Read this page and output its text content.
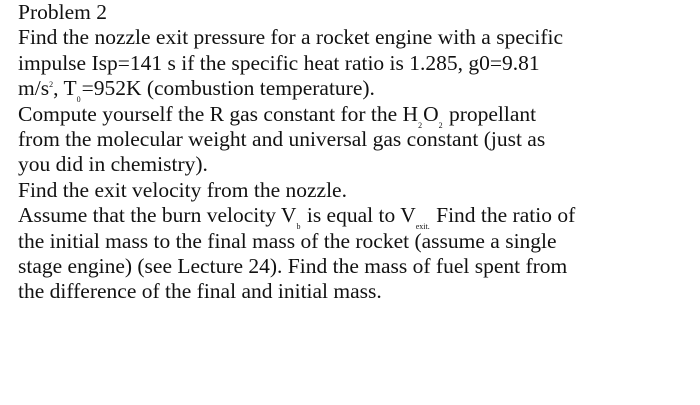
Problem 2
Find the nozzle exit pressure for a rocket engine with a specific
impulse Isp=141 s if the specific heat ratio is 1.285, g0=9.81
$m/s^2$, $T_0=952K$ (combustion temperature).
Compute yourself the R gas constant for the $H_2O_2$ propellant
from the molecular weight and universal gas constant (just as
you did in chemistry).
Find the exit velocity from the nozzle.
Assume that the burn velocity $V_b$ is equal to $V_{exit.}$ Find the ratio of
the initial mass to the final mass of the rocket (assume a single
stage engine) (see Lecture 24). Find the mass of fuel spent from
the difference of the final and initial mass.
